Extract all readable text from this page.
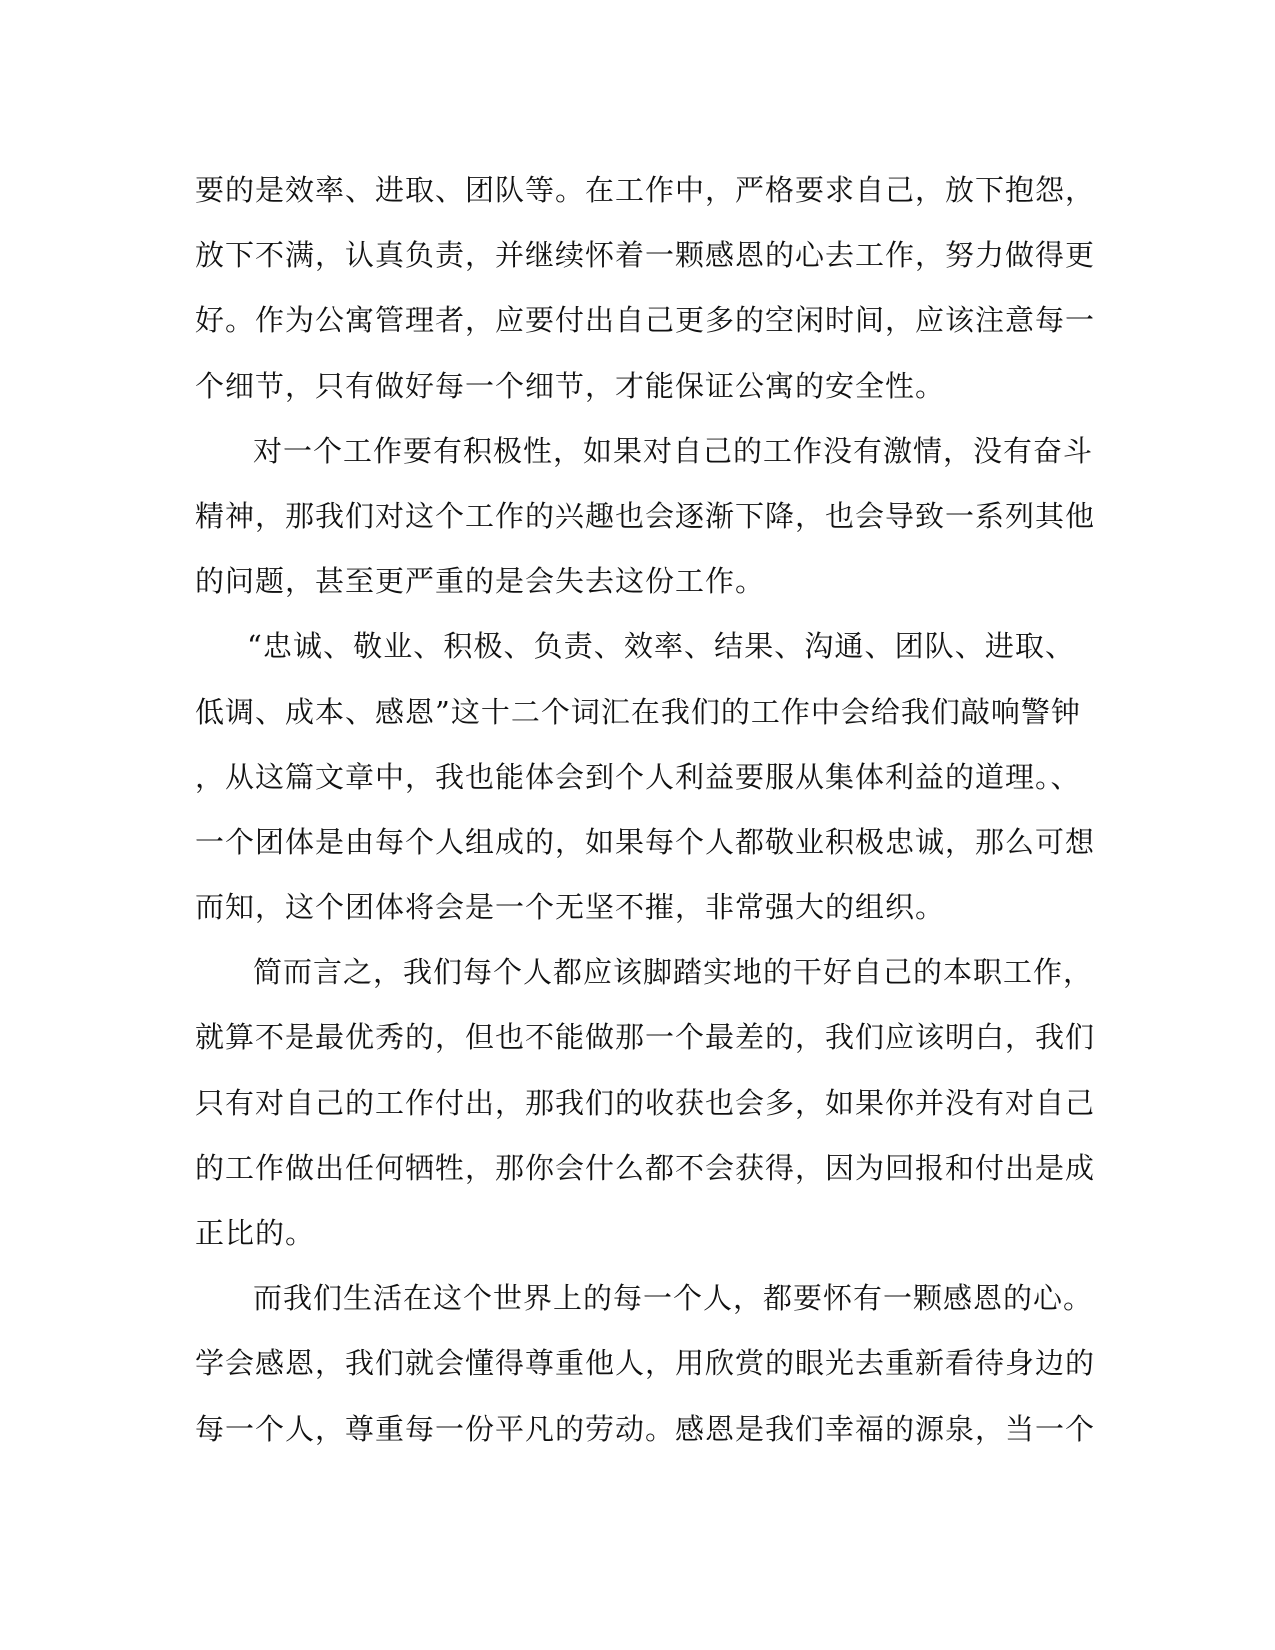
要的是效率、进取、团队等。在工作中，严格要求自己，放下抱怨，
放下不满，认真负责，并继续怀着一颗感恩的心去工作，努力做得更
好。作为公寓管理者，应要付出自己更多的空闲时间，应该注意每一
个细节，只有做好每一个细节，才能保证公寓的安全性。
对一个工作要有积极性，如果对自己的工作没有激情，没有奋斗
精神，那我们对这个工作的兴趣也会逐渐下降，也会导致一系列其他
的问题，甚至更严重的是会失去这份工作。
“忠诚、敬业、积极、负责、效率、结果、沟通、团队、进取、
低调、成本、感恩”这十二个词汇在我们的工作中会给我们敲响警钟
，从这篇文章中，我也能体会到个人利益要服从集体利益的道理。、
一个团体是由每个人组成的，如果每个人都敬业积极忠诚，那么可想
而知，这个团体将会是一个无坚不摧，非常强大的组织。
简而言之，我们每个人都应该脚踏实地的干好自己的本职工作，
就算不是最优秀的，但也不能做那一个最差的，我们应该明白，我们
只有对自己的工作付出，那我们的收获也会多，如果你并没有对自己
的工作做出任何牺牲，那你会什么都不会获得，因为回报和付出是成
正比的。
而我们生活在这个世界上的每一个人，都要怀有一颗感恩的心。
学会感恩，我们就会懂得尊重他人，用欣赏的眼光去重新看待身边的
每一个人，尊重每一份平凡的劳动。感恩是我们幸福的源泉，当一个
